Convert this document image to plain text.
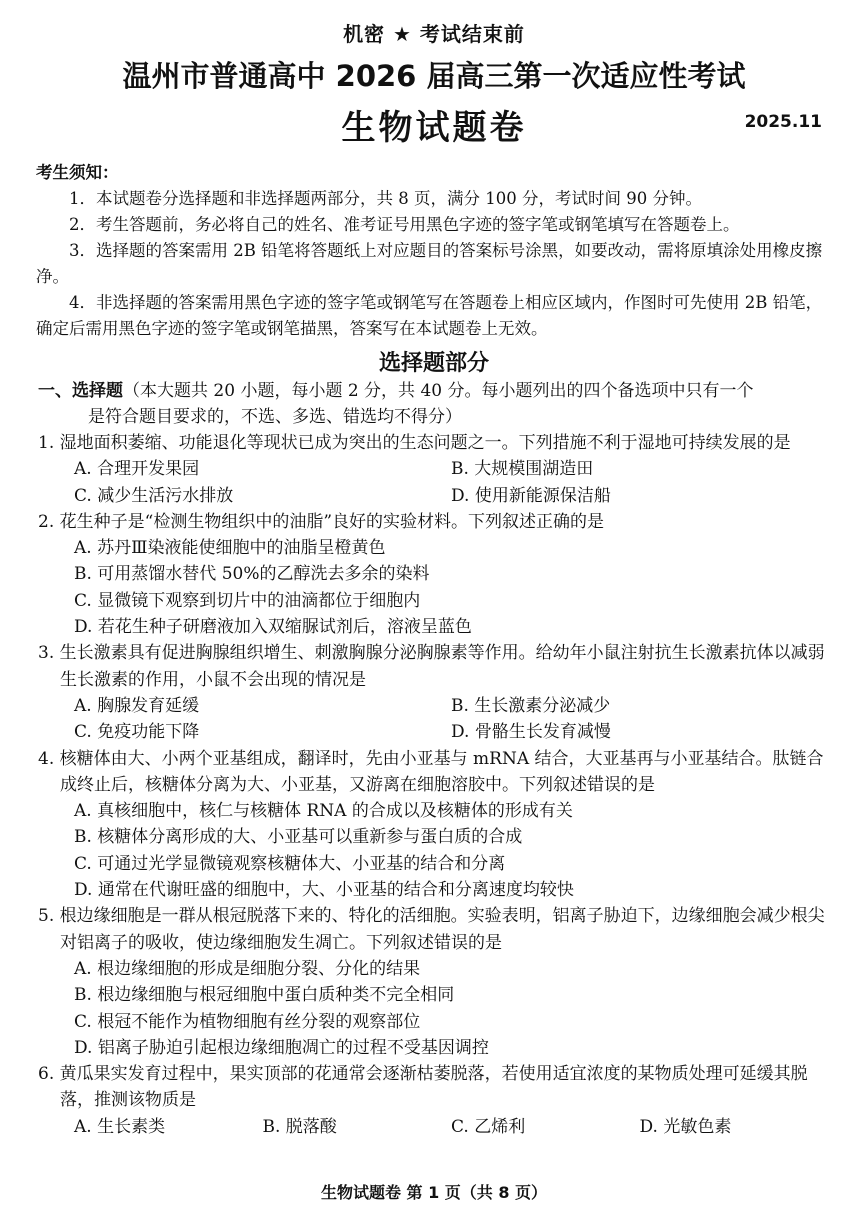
机密 ★ 考试结束前
温州市普通高中 2026 届高三第一次适应性考试
生物试题卷	2025.11
考生须知：

1．本试题卷分选择题和非选择题两部分，共 8 页，满分 100 分，考试时间 90 分钟。

2．考生答题前，务必将自己的姓名、准考证号用黑色字迹的签字笔或钢笔填写在答题卷上。

3．选择题的答案需用 2B 铅笔将答题纸上对应题目的答案标号涂黑，如要改动，需将原填涂处用橡皮擦净。

4．非选择题的答案需用黑色字迹的签字笔或钢笔写在答题卷上相应区域内，作图时可先使用 2B 铅笔，确定后需用黑色字迹的签字笔或钢笔描黑，答案写在本试题卷上无效。

选择题部分
一、选择题（本大题共 20 小题，每小题 2 分，共 40 分。每小题列出的四个备选项中只有一个
是符合题目要求的，不选、多选、错选均不得分）
1. 湿地面积萎缩、功能退化等现状已成为突出的生态问题之一。下列措施不利于湿地可持续发展的是
A. 合理开发果园	B. 大规模围湖造田
C. 减少生活污水排放	D. 使用新能源保洁船
2. 花生种子是“检测生物组织中的油脂”良好的实验材料。下列叙述正确的是
A. 苏丹Ⅲ染液能使细胞中的油脂呈橙黄色
B. 可用蒸馏水替代 50%的乙醇洗去多余的染料
C. 显微镜下观察到切片中的油滴都位于细胞内
D. 若花生种子研磨液加入双缩脲试剂后，溶液呈蓝色
3. 生长激素具有促进胸腺组织增生、刺激胸腺分泌胸腺素等作用。给幼年小鼠注射抗生长激素抗体以减弱生长激素的作用，小鼠不会出现的情况是
A. 胸腺发育延缓	B. 生长激素分泌减少
C. 免疫功能下降	D. 骨骼生长发育减慢
4. 核糖体由大、小两个亚基组成，翻译时，先由小亚基与 mRNA 结合，大亚基再与小亚基结合。肽链合成终止后，核糖体分离为大、小亚基，又游离在细胞溶胶中。下列叙述错误的是
A. 真核细胞中，核仁与核糖体 RNA 的合成以及核糖体的形成有关
B. 核糖体分离形成的大、小亚基可以重新参与蛋白质的合成
C. 可通过光学显微镜观察核糖体大、小亚基的结合和分离
D. 通常在代谢旺盛的细胞中，大、小亚基的结合和分离速度均较快
5. 根边缘细胞是一群从根冠脱落下来的、特化的活细胞。实验表明，铝离子胁迫下，边缘细胞会减少根尖对铝离子的吸收，使边缘细胞发生凋亡。下列叙述错误的是
A. 根边缘细胞的形成是细胞分裂、分化的结果
B. 根边缘细胞与根冠细胞中蛋白质种类不完全相同
C. 根冠不能作为植物细胞有丝分裂的观察部位
D. 铝离子胁迫引起根边缘细胞凋亡的过程不受基因调控
6. 黄瓜果实发育过程中，果实顶部的花通常会逐渐枯萎脱落，若使用适宜浓度的某物质处理可延缓其脱落，推测该物质是
A. 生长素类	B. 脱落酸	C. 乙烯利	D. 光敏色素
生物试题卷 第 1 页（共 8 页）
